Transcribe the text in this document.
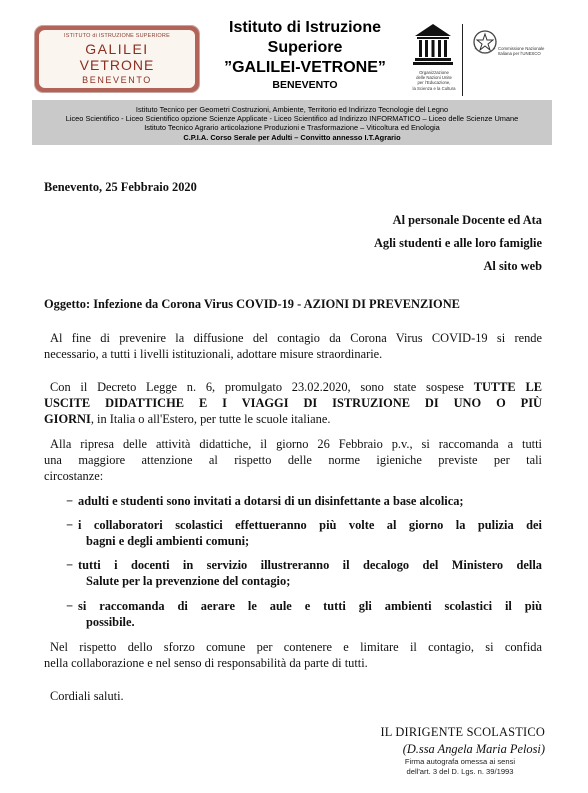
ISTITUTO di ISTRUZIONE SUPERIORE
GALILEI
VETRONE
BENEVENTO
Istituto di Istruzione
Superiore
”GALILEI-VETRONE”
BENEVENTO
Organizzazione
delle Nazioni Unite
per l’Educazione,
la Scienza e la Cultura
Commissione Nazionale
Italiana per l’UNESCO
Istituto Tecnico per Geometri Costruzioni, Ambiente, Territorio ed Indirizzo Tecnologie del Legno
Liceo Scientifico - Liceo Scientifico opzione Scienze Applicate - Liceo Scientifico ad Indirizzo INFORMATICO – Liceo delle Scienze Umane
Istituto Tecnico Agrario articolazione Produzioni e Trasformazione – Viticoltura ed Enologia
C.P.I.A. Corso Serale per Adulti – Convitto annesso I.T.Agrario
Benevento, 25 Febbraio 2020
Al personale Docente ed Ata
Agli studenti e alle loro famiglie
Al sito web
Oggetto: Infezione da Corona Virus COVID-19 - AZIONI DI PREVENZIONE
Al fine di prevenire la diffusione del contagio da Corona Virus COVID-19 si rende
necessario, a tutti i livelli istituzionali, adottare misure straordinarie.
Con il Decreto Legge n. 6, promulgato 23.02.2020, sono state sospese TUTTE LE
USCITE DIDATTICHE E I VIAGGI DI ISTRUZIONE DI UNO O PIÙ
GIORNI, in Italia o all'Estero, per tutte le scuole italiane.
Alla ripresa delle attività didattiche, il giorno 26 Febbraio p.v., si raccomanda a tutti
una maggiore attenzione al rispetto delle norme igieniche previste per tali
circostanze:
− adulti e studenti sono invitati a dotarsi di un disinfettante a base alcolica;
− i collaboratori scolastici effettueranno più volte al giorno la pulizia dei
bagni e degli ambienti comuni;
− tutti i docenti in servizio illustreranno il decalogo del Ministero della
Salute per la prevenzione del contagio;
− si raccomanda di aerare le aule e tutti gli ambienti scolastici il più
possibile.
Nel rispetto dello sforzo comune per contenere e limitare il contagio, si confida
nella collaborazione e nel senso di responsabilità da parte di tutti.
Cordiali saluti.
IL DIRIGENTE SCOLASTICO
(D.ssa Angela Maria Pelosi)
Firma autografa omessa ai sensi
dell'art. 3 del D. Lgs. n. 39/1993
